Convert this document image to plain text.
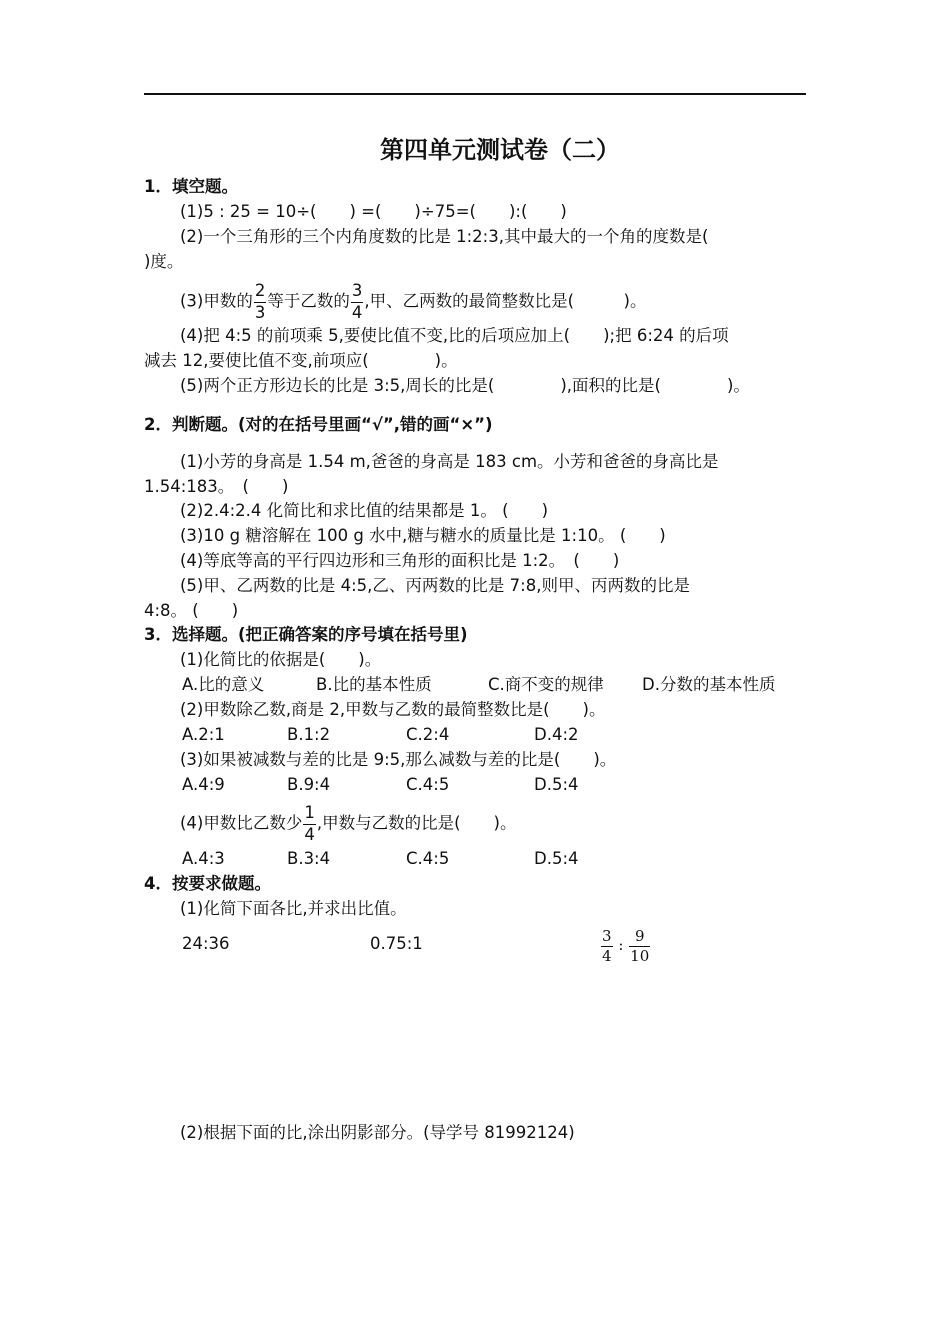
第四单元测试卷（二）
1．填空题。
(1)5 : 25 = 10÷(　　) =(　　)÷75=(　　):(　　)
(2)一个三角形的三个内角度数的比是 1:2:3,其中最大的一个角的度数是(
)度。
(3)甲数的 $\frac{2}{3}$ 等于乙数的 $\frac{3}{4}$ ,甲、乙两数的最简整数比是(　　　)。
(4)把 4:5 的前项乘 5,要使比值不变,比的后项应加上(　　);把 6:24 的后项
减去 12,要使比值不变,前项应(　　　　)。
(5)两个正方形边长的比是 3:5,周长的比是(　　　　),面积的比是(　　　　)。
2．判断题。(对的在括号里画“√”,错的画“×”)
(1)小芳的身高是 1.54 m,爸爸的身高是 183 cm。小芳和爸爸的身高比是
1.54:183。　(　　)
(2)2.4:2.4 化简比和求比值的结果都是 1。 (　　)
(3)10 g 糖溶解在 100 g 水中,糖与糖水的质量比是 1:10。 (　　)
(4)等底等高的平行四边形和三角形的面积比是 1:2。　(　　)
(5)甲、乙两数的比是 4:5,乙、丙两数的比是 7:8,则甲、丙两数的比是
4:8。 (　　)
3．选择题。(把正确答案的序号填在括号里)
(1)化简比的依据是(　　)。
A.比的意义	B.比的基本性质	C.商不变的规律 D.分数的基本性质
(2)甲数除乙数,商是 2,甲数与乙数的最简整数比是(　　)。
A.2:1	B.1:2	C.2:4	D.4:2
(3)如果被减数与差的比是 9:5,那么减数与差的比是(　　)。
A.4:9	B.9:4	C.4:5	D.5:4
(4)甲数比乙数少 $\frac{1}{4}$ ,甲数与乙数的比是(　　)。
A.4:3	B.3:4	C.4:5	D.5:4
4．按要求做题。
(1)化简下面各比,并求出比值。
24:36	0.75:1	$\frac{3}{4}$ : $\frac{9}{10}$
(2)根据下面的比,涂出阴影部分。(导学号 81992124)
